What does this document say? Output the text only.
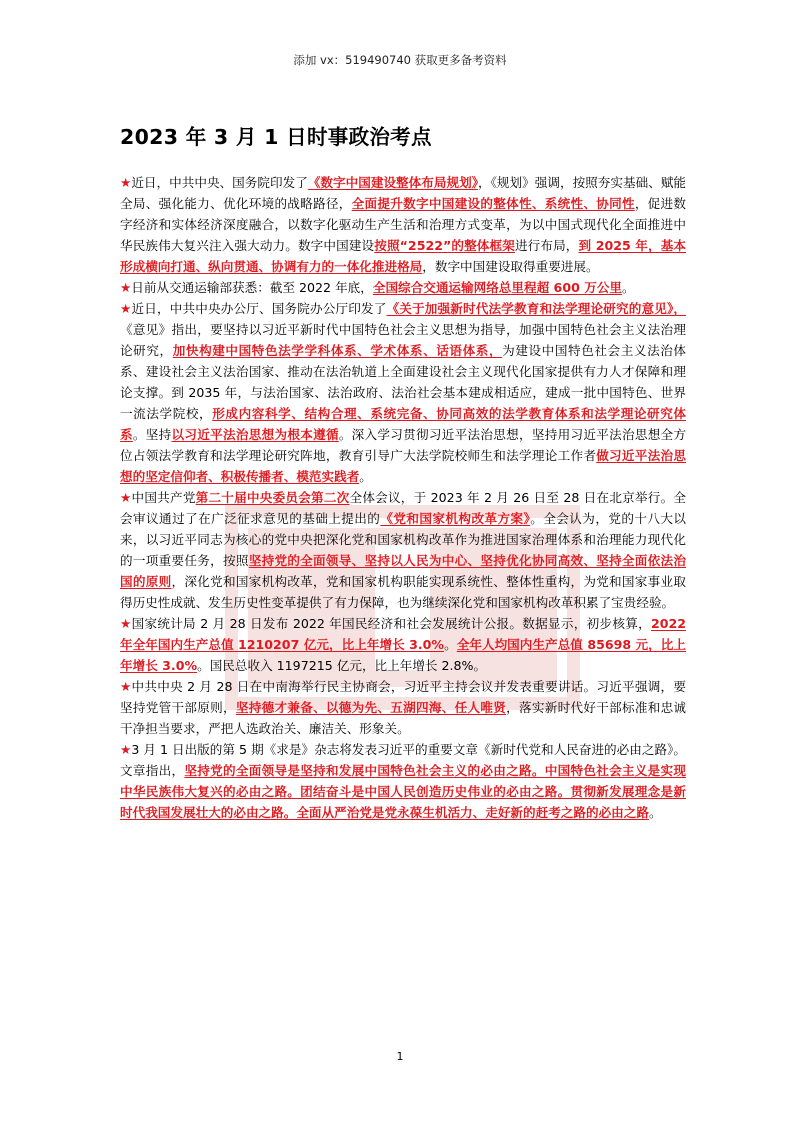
添加 vx：519490740 获取更多备考资料
2023 年 3 月 1 日时事政治考点

★近日，中共中央、国务院印发了《数字中国建设整体布局规划》，《规划》强调，按照夯实基础、赋能全局、强化能力、优化环境的战略路径，全面提升数字中国建设的整体性、系统性、协同性，促进数字经济和实体经济深度融合，以数字化驱动生产生活和治理方式变革，为以中国式现代化全面推进中华民族伟大复兴注入强大动力。数字中国建设按照“2522”的整体框架进行布局，到 2025 年，基本形成横向打通、纵向贯通、协调有力的一体化推进格局，数字中国建设取得重要进展。

★日前从交通运输部获悉：截至 2022 年底，全国综合交通运输网络总里程超 600 万公里。

★近日，中共中央办公厅、国务院办公厅印发了《关于加强新时代法学教育和法学理论研究的意见》，《意见》指出，要坚持以习近平新时代中国特色社会主义思想为指导，加强中国特色社会主义法治理论研究，加快构建中国特色法学学科体系、学术体系、话语体系，为建设中国特色社会主义法治体系、建设社会主义法治国家、推动在法治轨道上全面建设社会主义现代化国家提供有力人才保障和理论支撑。到 2035 年，与法治国家、法治政府、法治社会基本建成相适应，建成一批中国特色、世界一流法学院校，形成内容科学、结构合理、系统完备、协同高效的法学教育体系和法学理论研究体系。坚持以习近平法治思想为根本遵循。深入学习贯彻习近平法治思想，坚持用习近平法治思想全方位占领法学教育和法学理论研究阵地，教育引导广大法学院校师生和法学理论工作者做习近平法治思想的坚定信仰者、积极传播者、模范实践者。

★中国共产党第二十届中央委员会第二次全体会议，于 2023 年 2 月 26 日至 28 日在北京举行。全会审议通过了在广泛征求意见的基础上提出的《党和国家机构改革方案》。全会认为，党的十八大以来，以习近平同志为核心的党中央把深化党和国家机构改革作为推进国家治理体系和治理能力现代化的一项重要任务，按照坚持党的全面领导、坚持以人民为中心、坚持优化协同高效、坚持全面依法治国的原则，深化党和国家机构改革，党和国家机构职能实现系统性、整体性重构，为党和国家事业取得历史性成就、发生历史性变革提供了有力保障，也为继续深化党和国家机构改革积累了宝贵经验。

★国家统计局 2 月 28 日发布 2022 年国民经济和社会发展统计公报。数据显示，初步核算，2022 年全年国内生产总值 1210207 亿元，比上年增长 3.0%。全年人均国内生产总值 85698 元，比上年增长 3.0%。国民总收入 1197215 亿元，比上年增长 2.8%。

★中共中央 2 月 28 日在中南海举行民主协商会，习近平主持会议并发表重要讲话。习近平强调，要坚持党管干部原则，坚持德才兼备、以德为先、五湖四海、任人唯贤，落实新时代好干部标准和忠诚干净担当要求，严把人选政治关、廉洁关、形象关。

★3 月 1 日出版的第 5 期《求是》杂志将发表习近平的重要文章《新时代党和人民奋进的必由之路》。文章指出，坚持党的全面领导是坚持和发展中国特色社会主义的必由之路。中国特色社会主义是实现中华民族伟大复兴的必由之路。团结奋斗是中国人民创造历史伟业的必由之路。贯彻新发展理念是新时代我国发展壮大的必由之路。全面从严治党是党永葆生机活力、走好新的赶考之路的必由之路。

1
